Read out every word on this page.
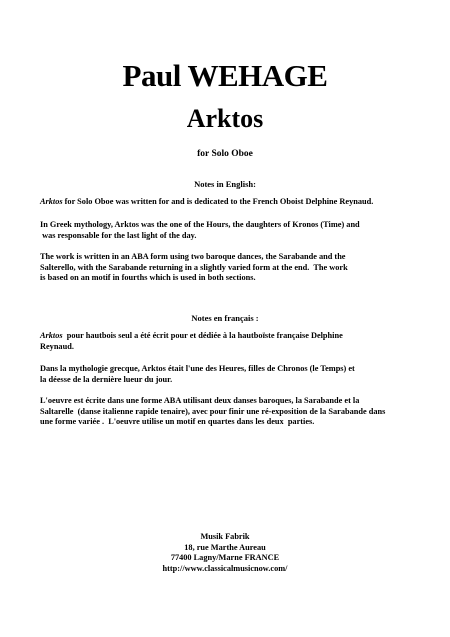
Paul WEHAGE
Arktos
for Solo Oboe
Notes in English:
Arktos for Solo Oboe was written for and is dedicated to the French Oboist Delphine Reynaud.
In Greek mythology, Arktos was the one of the Hours, the daughters of Kronos (Time) and
was responsable for the last light of the day.
The work is written in an ABA form using two baroque dances, the Sarabande and the
Salterello, with the Sarabande returning in a slightly varied form at the end.  The work
is based on an motif in fourths which is used in both sections.
Notes en français :
Arktos  pour hautbois seul a été écrit pour et dédiée à la hautboïste française Delphine
Reynaud.
Dans la mythologie grecque, Arktos était l'une des Heures, filles de Chronos (le Temps) et
la déesse de la dernière lueur du jour.
L'oeuvre est écrite dans une forme ABA utilisant deux danses baroques, la Sarabande et la
Saltarelle  (danse italienne rapide tenaire), avec pour finir une ré-exposition de la Sarabande dans
une forme variée .  L'oeuvre utilise un motif en quartes dans les deux  parties.
Musik Fabrik
18, rue Marthe Aureau
77400 Lagny/Marne FRANCE
http://www.classicalmusicnow.com/
